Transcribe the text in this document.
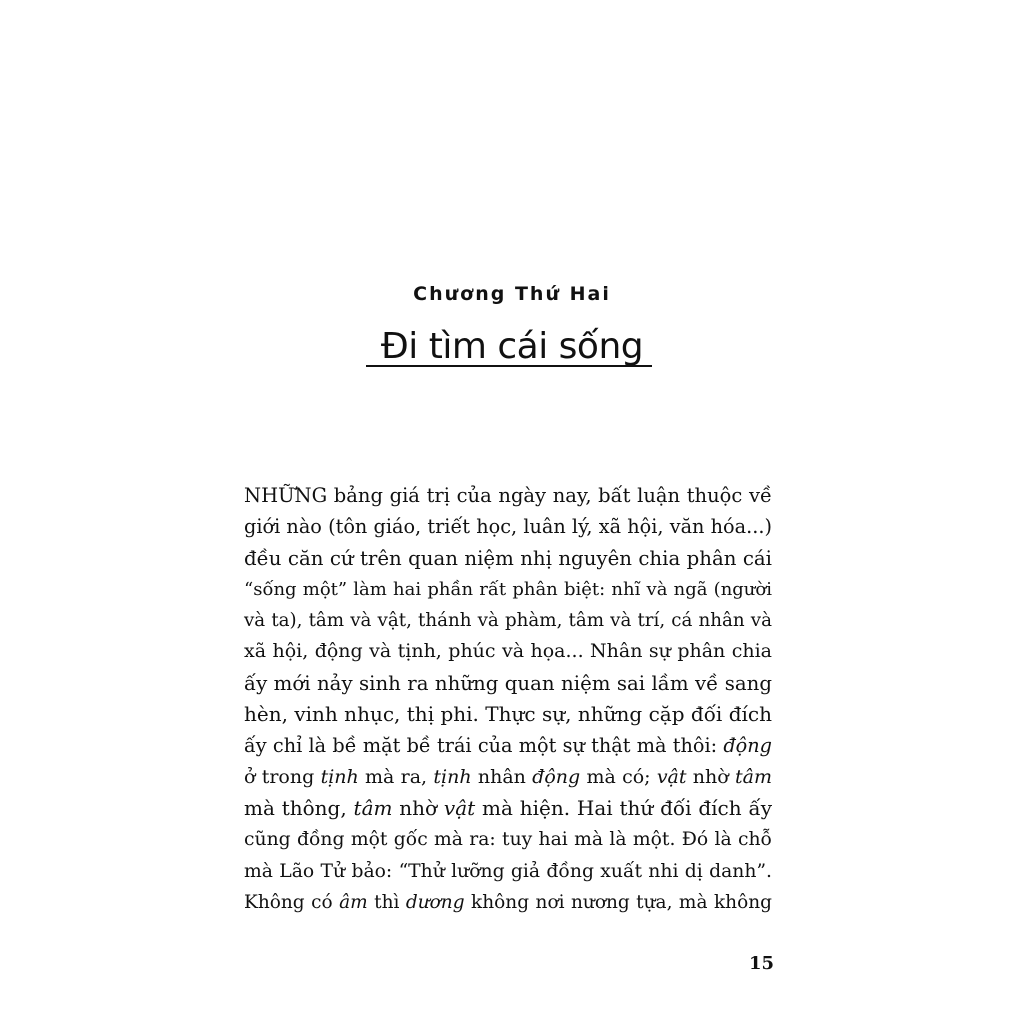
Chương Thứ Hai
Đi tìm cái sống
NHỮNG bảng giá trị của ngày nay, bất luận thuộc về
giới nào (tôn giáo, triết học, luân lý, xã hội, văn hóa...)
đều căn cứ trên quan niệm nhị nguyên chia phân cái
“sống một” làm hai phần rất phân biệt: nhĩ và ngã (người
và ta), tâm và vật, thánh và phàm, tâm và trí, cá nhân và
xã hội, động và tịnh, phúc và họa... Nhân sự phân chia
ấy mới nảy sinh ra những quan niệm sai lầm về sang
hèn, vinh nhục, thị phi. Thực sự, những cặp đối đích
ấy chỉ là bề mặt bề trái của một sự thật mà thôi: động
ở trong tịnh mà ra, tịnh nhân động mà có; vật nhờ tâm
mà thông, tâm nhờ vật mà hiện. Hai thứ đối đích ấy
cũng đồng một gốc mà ra: tuy hai mà là một. Đó là chỗ
mà Lão Tử bảo: “Thử lưỡng giả đồng xuất nhi dị danh”.
Không có âm thì dương không nơi nương tựa, mà không
15
